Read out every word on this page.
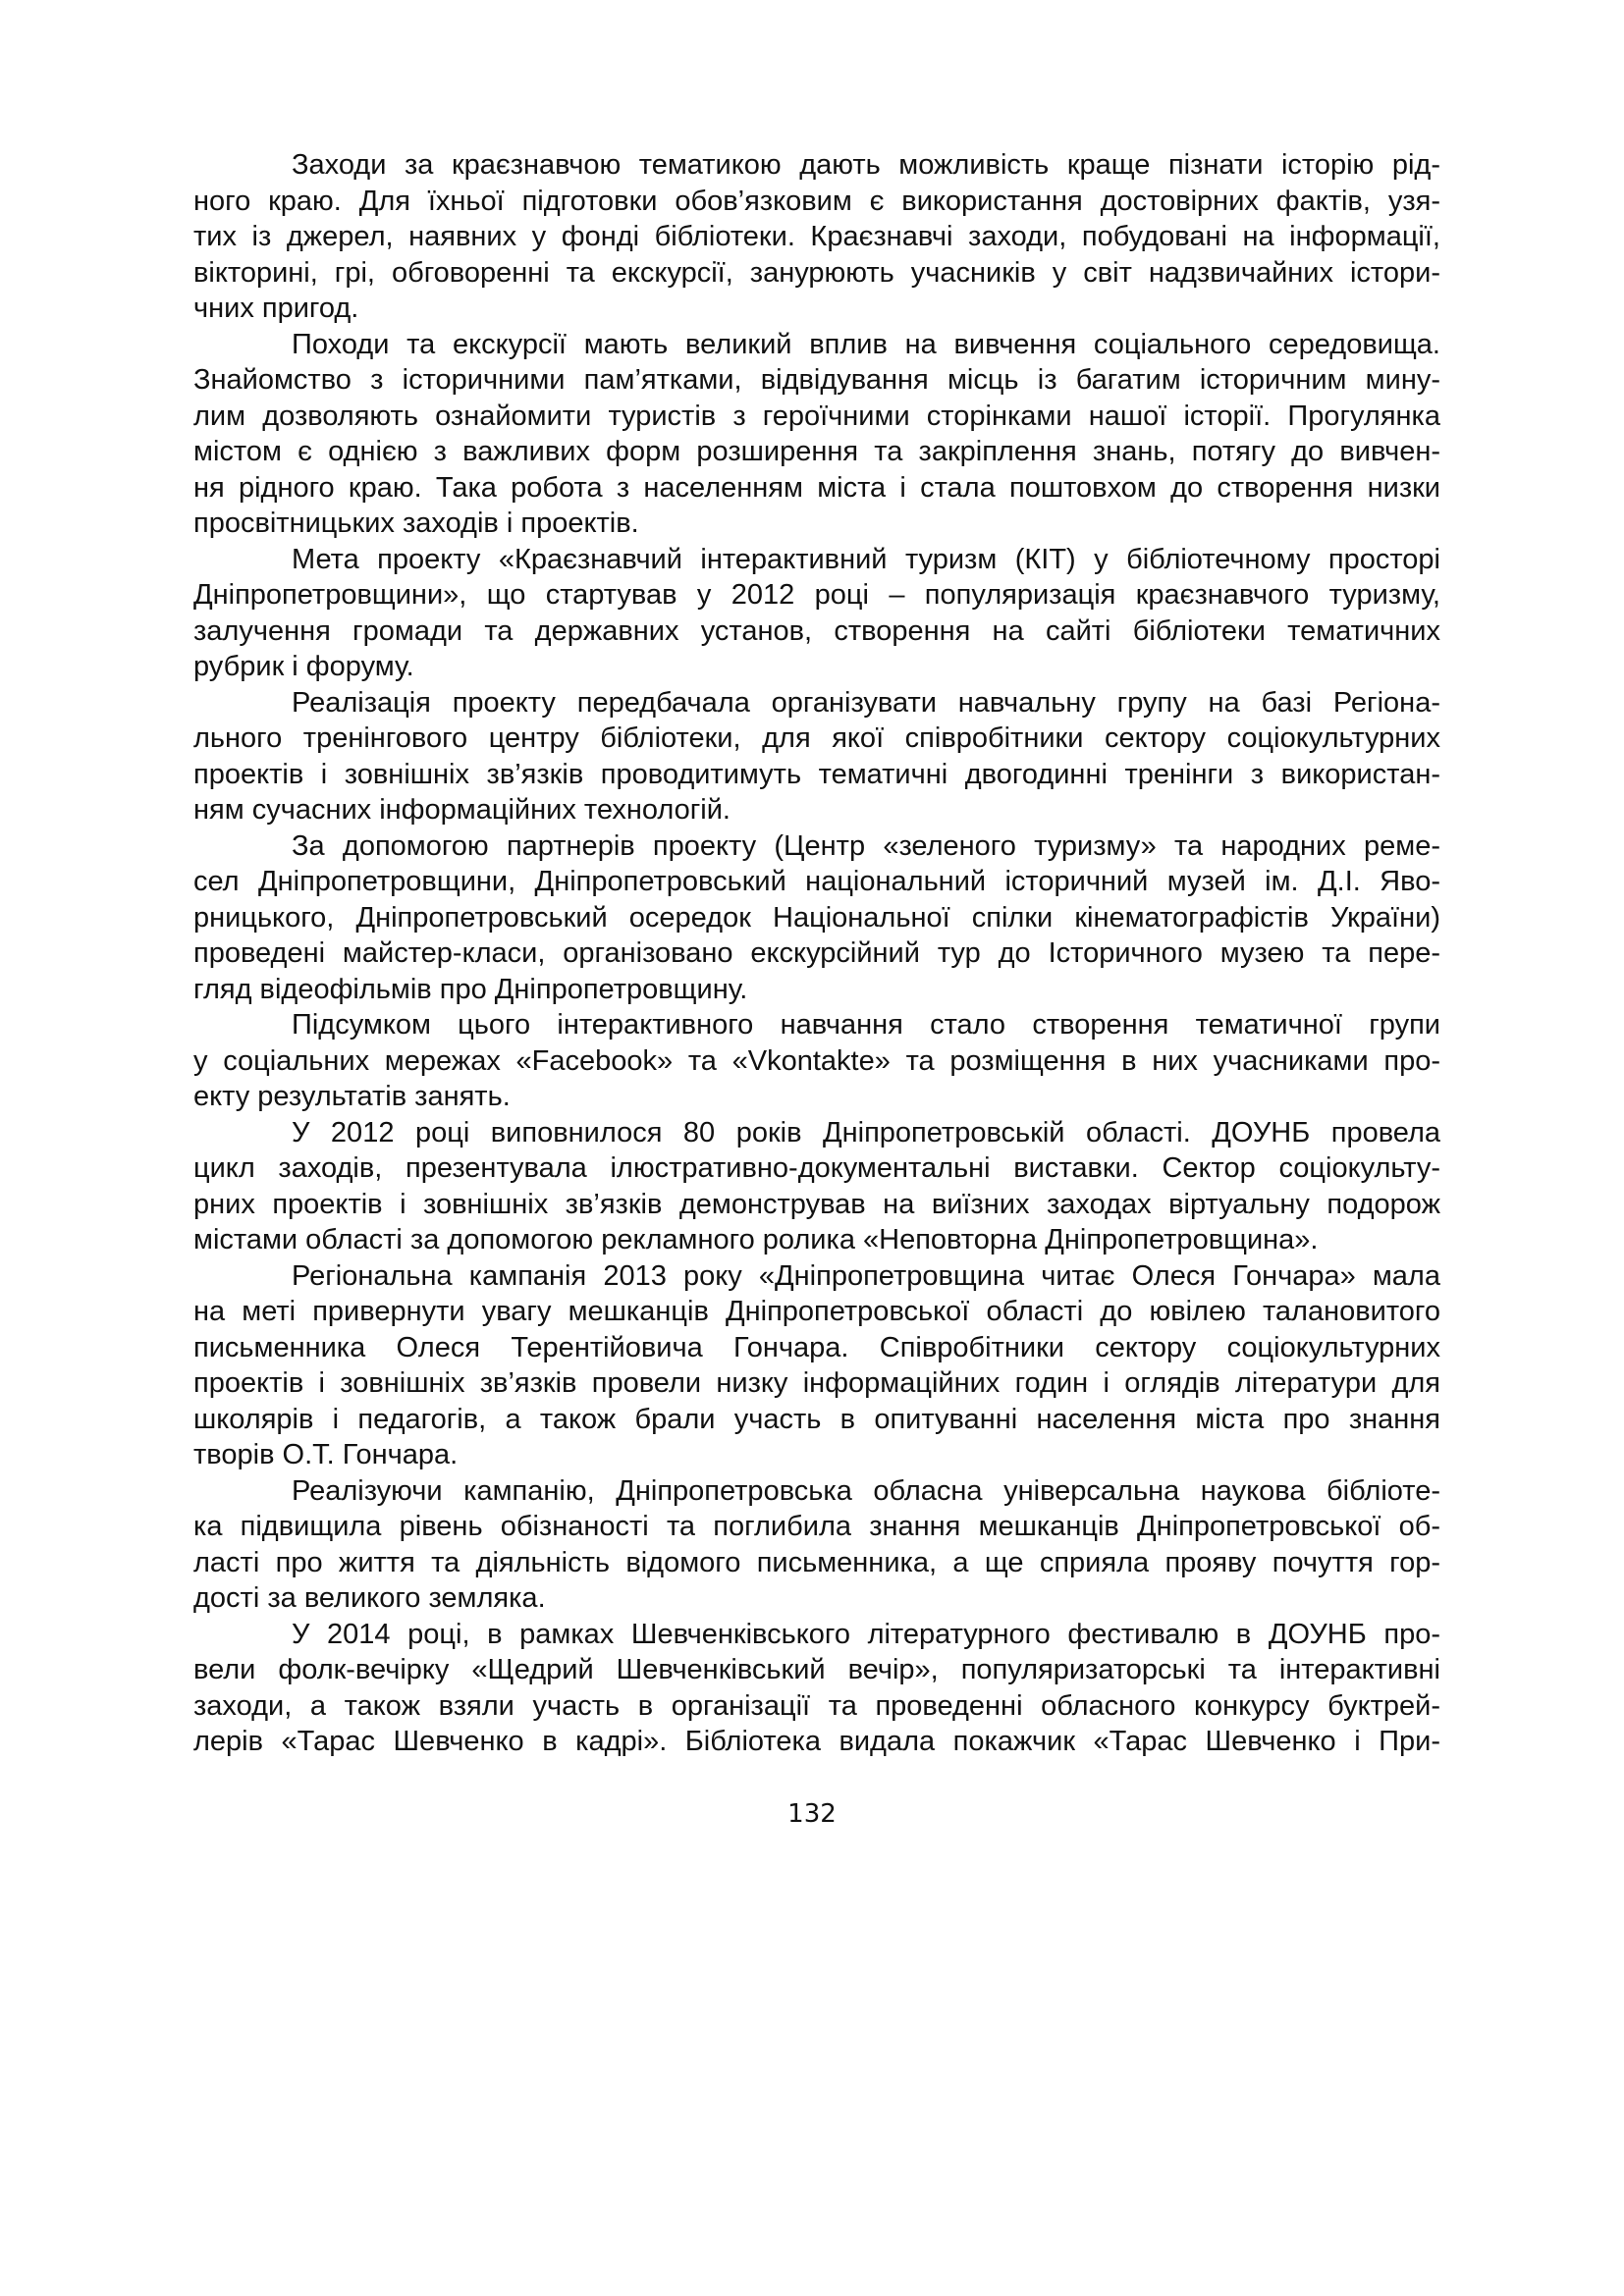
Заходи за краєзнавчою тематикою дають можливість краще пізнати історію рід-
ного краю. Для їхньої підготовки обов’язковим є використання достовірних фактів, узя-
тих із джерел, наявних у фонді бібліотеки. Краєзнавчі заходи, побудовані на інформації,
вікторині, грі, обговоренні та екскурсії, занурюють учасників у світ надзвичайних істори-
чних пригод.
Походи та екскурсії мають великий вплив на вивчення соціального середовища.
Знайомство з історичними пам’ятками, відвідування місць із багатим історичним мину-
лим дозволяють ознайомити туристів з героїчними сторінками нашої історії. Прогулянка
містом є однією з важливих форм розширення та закріплення знань, потягу до вивчен-
ня рідного краю. Така робота з населенням міста і стала поштовхом до створення низки
просвітницьких заходів і проектів.
Мета проекту «Краєзнавчий інтерактивний туризм (КІТ) у бібліотечному просторі
Дніпропетровщини», що стартував у 2012 році – популяризація краєзнавчого туризму,
залучення громади та державних установ, створення на сайті бібліотеки тематичних
рубрик і форуму.
Реалізація проекту передбачала організувати навчальну групу на базі Регіона-
льного тренінгового центру бібліотеки, для якої співробітники сектору соціокультурних
проектів і зовнішніх зв’язків проводитимуть тематичні двогодинні тренінги з використан-
ням сучасних інформаційних технологій.
За допомогою партнерів проекту (Центр «зеленого туризму» та народних реме-
сел Дніпропетровщини, Дніпропетровський національний історичний музей ім. Д.І. Яво-
рницького, Дніпропетровський осередок Національної спілки кінематографістів України)
проведені майстер-класи, організовано екскурсійний тур до Історичного музею та пере-
гляд відеофільмів про Дніпропетровщину.
Підсумком цього інтерактивного навчання стало створення тематичної групи
у соціальних мережах «Facebook» та «Vkontakte» та розміщення в них учасниками про-
екту результатів занять.
У 2012 році виповнилося 80 років Дніпропетровській області. ДОУНБ провела
цикл заходів, презентувала ілюстративно-документальні виставки. Сектор соціокульту-
рних проектів і зовнішніх зв’язків демонстрував на виїзних заходах віртуальну подорож
містами області за допомогою рекламного ролика «Неповторна Дніпропетровщина».
Регіональна кампанія 2013 року «Дніпропетровщина читає Олеся Гончара» мала
на меті привернути увагу мешканців Дніпропетровської області до ювілею талановитого
письменника Олеся Терентійовича Гончара. Співробітники сектору соціокультурних
проектів і зовнішніх зв’язків провели низку інформаційних годин і оглядів літератури для
школярів і педагогів, а також брали участь в опитуванні населення міста про знання
творів О.Т. Гончара.
Реалізуючи кампанію, Дніпропетровська обласна універсальна наукова бібліоте-
ка підвищила рівень обізнаності та поглибила знання мешканців Дніпропетровської об-
ласті про життя та діяльність відомого письменника, а ще сприяла прояву почуття гор-
дості за великого земляка.
У 2014 році, в рамках Шевченківського літературного фестивалю в ДОУНБ про-
вели фолк-вечірку «Щедрий Шевченківський вечір», популяризаторські та інтерактивні
заходи, а також взяли участь в організації та проведенні обласного конкурсу буктрей-
лерів «Тарас Шевченко в кадрі». Бібліотека видала покажчик «Тарас Шевченко і При-
132
